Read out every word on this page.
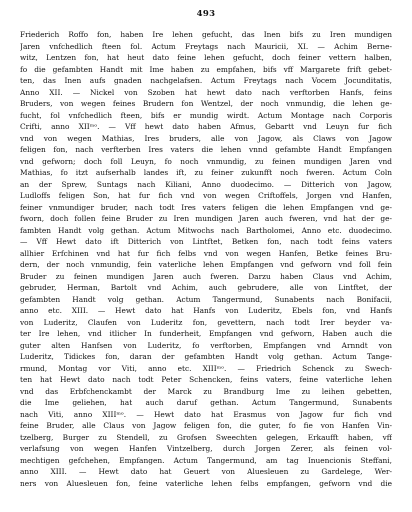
493
Friederich Roffo fon, haben Ire lehen gefucht, das Inen bifs zu Iren mundigen
Jaren vnfchedlich fteen fol. Actum Freytags nach Mauricii, XI. — Achim Berne-
witz, Lentzen fon, hat heut dato feine lehen gefucht, doch feiner vettern halben,
fo die gefambten Handt mit Ime haben zu empfahen, bifs vff Margarete frift gebet-
ten, das Inen aufs gnaden nachgelafsen. Actum Freytags nach Vocem Jocunditatis,
Anno XII. — Nickel von Szoben hat hewt dato nach verftorben Hanfs, feins
Bruders, von wegen feines Brudern fon Wentzel, der noch vnmundig, die lehen ge-
fucht, fol vnfchedlich fteen, bifs er mundig wirdt. Actum Montage nach Corporis
Crifti, anno XIIᵐᵒ. — Vff hewt dato haben Afmus, Gebartt vnd Leuyn fur fich
vnd von wegen Mathias, Ires bruders, alle von Jagow, als Claws von Jagow
feligen fon, nach verfterben Ires vaters die lehen vnnd gefambte Handt Empfangen
vnd gefworn; doch foll Leuyn, fo noch vnmundig, zu feinen mundigen Jaren vnd
Mathias, fo itzt aufserhalb landes ift, zu feiner zukunfft noch fweren. Actum Coln
an der Sprew, Suntags nach Kiliani, Anno duodecimo. — Ditterich von Jagow,
Ludloffs feligen Son, hat fur fich vnd von wegen Criftoffels, Jorgen vnd Hanfen,
feiner vnmundiger bruder, nach todt Ires vaters feligen die lehen Empfangen vnd ge-
fworn, doch follen feine Bruder zu Iren mundigen Jaren auch fweren, vnd hat der ge-
fambten Handt volg gethan. Actum Mitwochs nach Bartholomei, Anno etc. duodecimo.
— Vff Hewt dato ift Ditterich von Lintftet, Betken fon, nach todt feins vaters
allhier Erfchinen vnd hat fur fich felbs vnd von wegen Hanfen, Betke feines Bru-
dern, der noch vnmundig, fein vaterliche lehen Empfangen vnd gefworn vnd foll fein
Bruder zu feinen mundigen Jaren auch fweren. Darzu haben Claus vnd Achim,
gebruder, Herman, Bartolt vnd Achim, auch gebrudere, alle von Lintftet, der
gefambten Handt volg gethan. Actum Tangermund, Sunabents nach Bonifacii,
anno etc. XIII. — Hewt dato hat Hanfs von Luderitz, Ebels fon, vnd Hanfs
von Luderitz, Claufen von Luderitz fon, gevettern, nach todt Irer beyder va-
ter Ire lehen, vnd itlicher In funderheit, Empfangen vnd gefworn, Haben auch die
guter alten Hanfsen von Luderitz, fo verftorben, Empfangen vnd Arnndt von
Luderitz, Tidickes fon, daran der gefambten Handt volg gethan. Actum Tange-
rmund, Montag vor Viti, anno etc. XIIIᵐᵒ. — Friedrich Schenck zu Swech-
ten hat Hewt dato nach todt Peter Schencken, feins vaters, feine vaterliche lehen
vnd das Erbfchenckambt der Marck zu Brandburg Ime zu leihen gebetten,
die Ime geliehen, hat auch daruf gethan. Actum Tangermund, Sunabents
nach Viti, anno XIIIᵐᵒ. — Hewt dato hat Erasmus von Jagow fur fich vnd
feine Bruder, alle Claus von Jagow feligen fon, die guter, fo fie von Hanfen Vin-
tzelberg, Burger zu Stendell, zu Grofsen Sweechten gelegen, Erkaufft haben, vff
verlafsung von wegen Hanfen Vintzelberg, durch Jorgen Zerer, als feinen vol-
mechtigen gefchehen, Empfangen. Actum Tangermund, am tag Inuencionis Steffani,
anno XIII. — Hewt dato hat Geuert von Aluesleuen zu Gardelege, Wer-
ners von Aluesleuen fon, feine vaterliche lehen felbs empfangen, gefworn vnd die
